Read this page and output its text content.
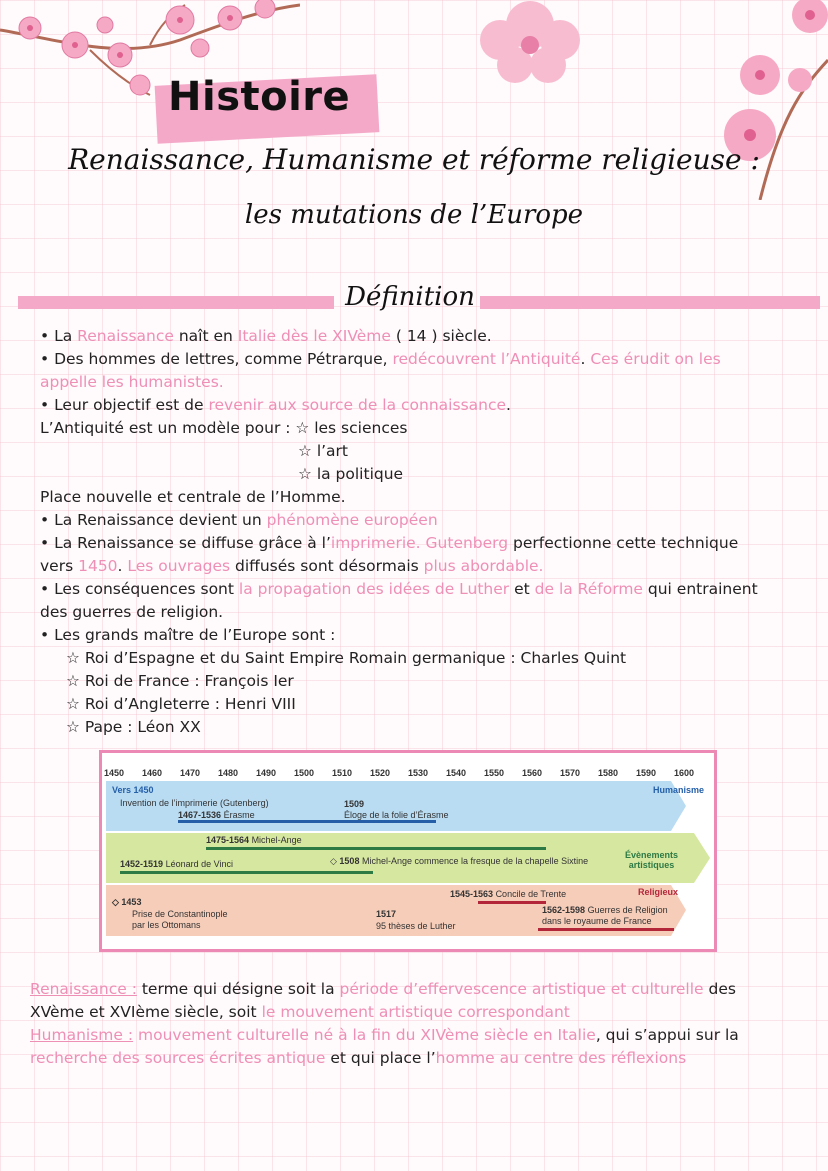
Histoire
Renaissance, Humanisme et réforme religieuse :
les mutations de l’Europe
Définition
• La Renaissance naît en Italie dès le XIVème ( 14 ) siècle.
• Des hommes de lettres, comme Pétrarque, redécouvrent l’Antiquité. Ces érudit on les
appelle les humanistes.
• Leur objectif est de revenir aux source de la connaissance.
L’Antiquité est un modèle pour : ☆ les sciences
☆ l’art
☆ la politique
Place nouvelle et centrale de l’Homme.
• La Renaissance devient un phénomène européen
• La Renaissance se diffuse grâce à l’imprimerie. Gutenberg perfectionne cette technique
vers 1450. Les ouvrages diffusés sont désormais plus abordable.
• Les conséquences sont la propagation des idées de Luther et de la Réforme qui entrainent
des guerres de religion.
• Les grands maître de l’Europe sont :
☆ Roi d’Espagne et du Saint Empire Romain germanique : Charles Quint
☆ Roi de France : François Ier
☆ Roi d’Angleterre : Henri VIII
☆ Pape : Léon XX
1450 1460 1470 1480 1490 1500 1510 1520 1530 1540 1550 1560 1570 1580 1590 1600
Vers 1450
Invention de l’imprimerie (Gutenberg)
1467-1536 Érasme
1509
Éloge de la folie d’Érasme
Humanisme
1475-1564 Michel-Ange
1452-1519 Léonard de Vinci	◇ 1508 Michel-Ange commence la fresque de la chapelle Sixtine
Évènements
artistiques
◇ 1453
Prise de Constantinople
par les Ottomans
1545-1563 Concile de Trente
1517
95 thèses de Luther
1562-1598 Guerres de Religion
dans le royaume de France
Religieux
Renaissance : terme qui désigne soit la période d’effervescence artistique et culturelle des
XVème et XVIème siècle, soit le mouvement artistique correspondant
Humanisme : mouvement culturelle né à la fin du XIVème siècle en Italie, qui s’appui sur la
recherche des sources écrites antique et qui place l’homme au centre des réflexions
